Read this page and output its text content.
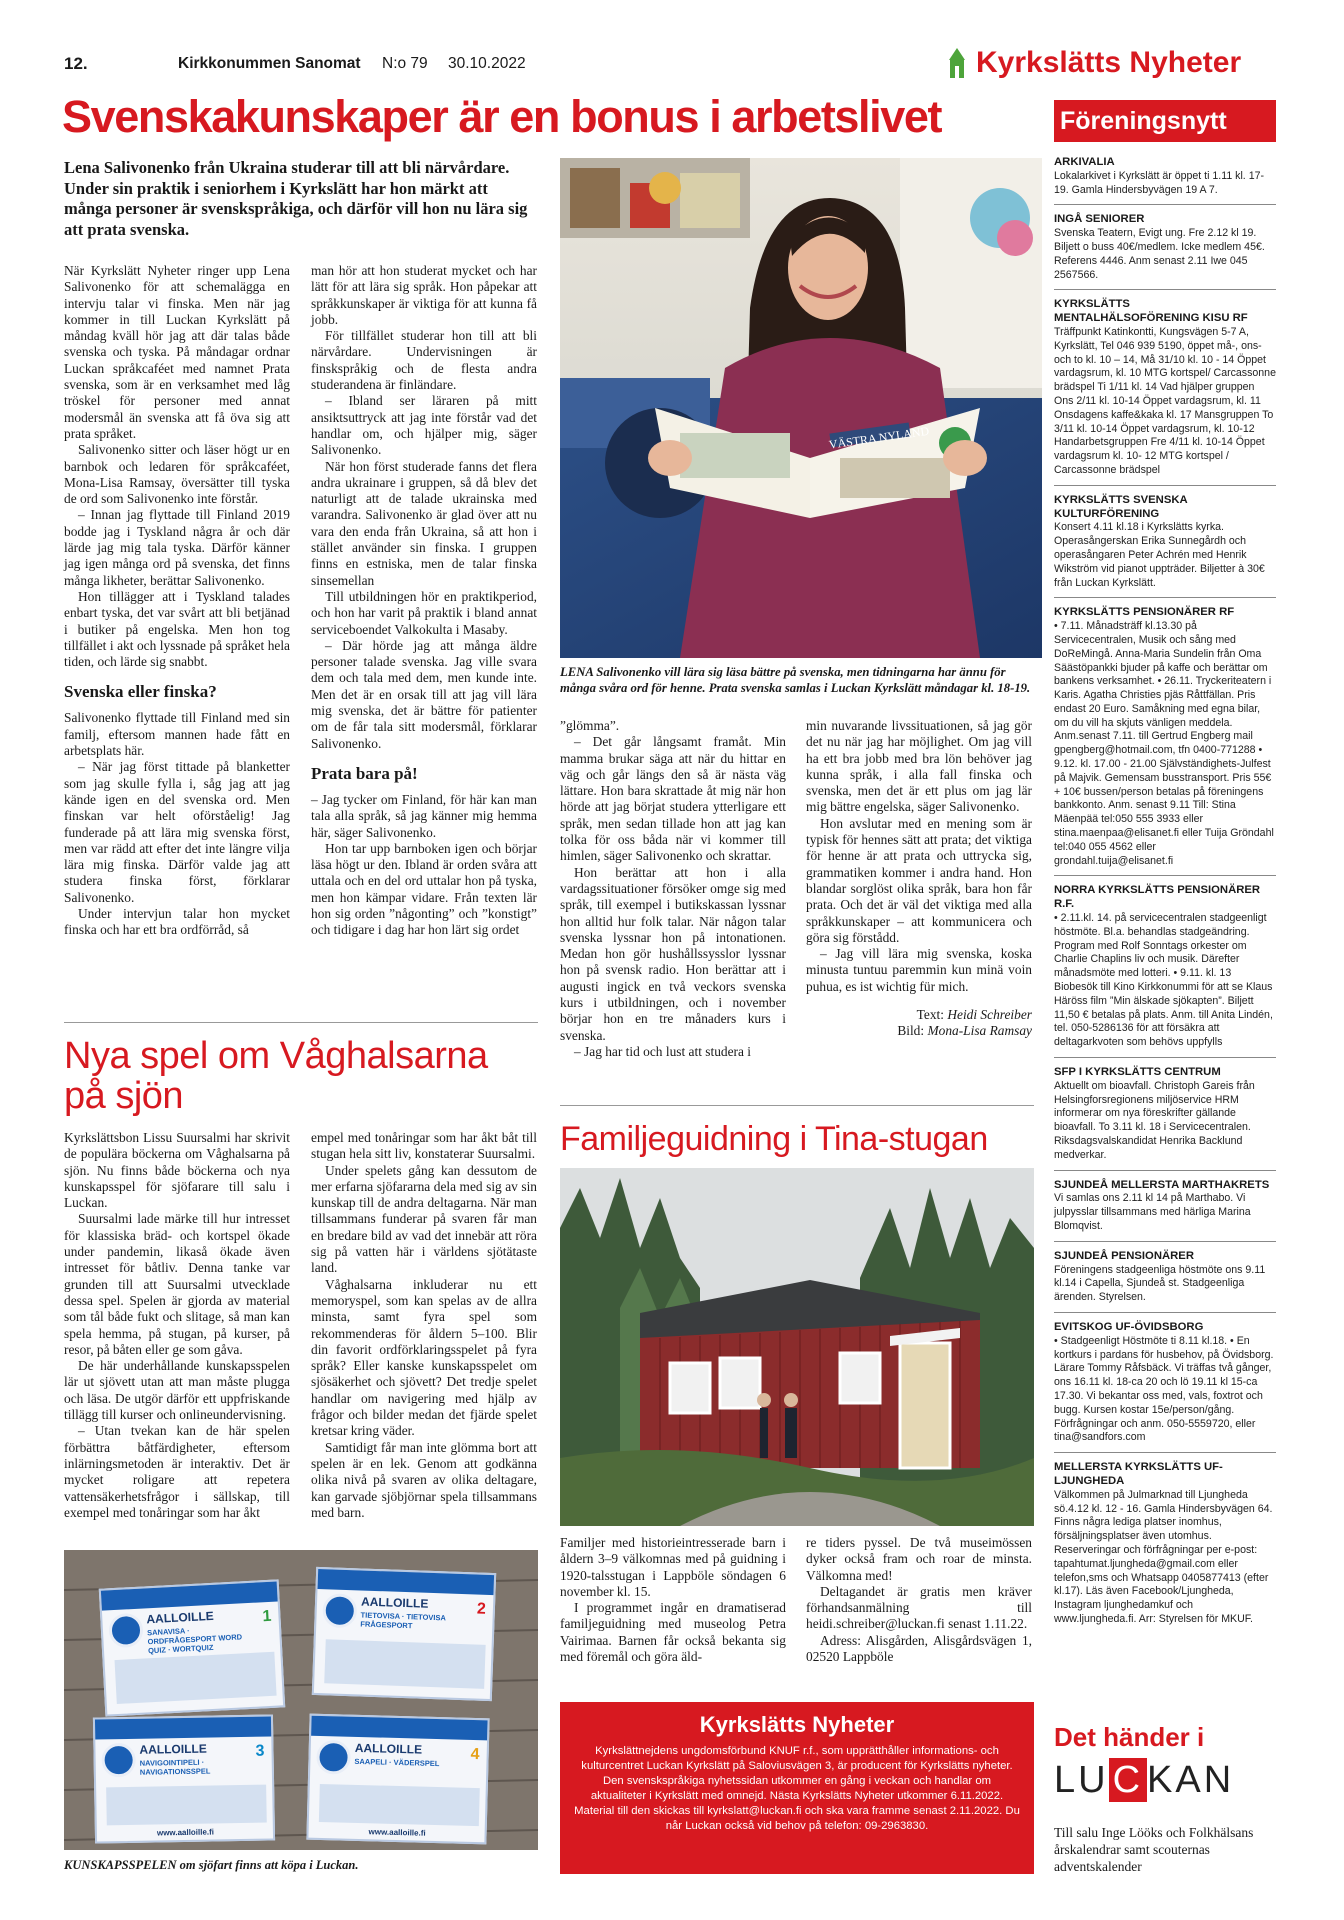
12.	Kirkkonummen Sanomat N:o 79 30.10.2022	Kyrkslätts Nyheter
Svenskakunskaper är en bonus i arbetslivet

Lena Salivonenko från Ukraina studerar till att bli närvårdare. Under sin praktik i seniorhem i Kyrkslätt har hon märkt att många personer är svenskspråkiga, och därför vill hon nu lära sig att prata svenska.

När Kyrkslätt Nyheter ringer upp Lena Salivonenko för att schemalägga en intervju talar vi finska. Men när jag kommer in till Luckan Kyrkslätt på måndag kväll hör jag att där talas både svenska och tyska. På måndagar ordnar Luckan språkcaféet med namnet Prata svenska, som är en verksamhet med låg tröskel för personer med annat modersmål än svenska att få öva sig att prata språket.

Salivonenko sitter och läser högt ur en barnbok och ledaren för språkcaféet, Mona-Lisa Ramsay, översätter till tyska de ord som Salivonenko inte förstår.

– Innan jag flyttade till Finland 2019 bodde jag i Tyskland några år och där lärde jag mig tala tyska. Därför känner jag igen många ord på svenska, det finns många likheter, berättar Salivonenko.

Hon tillägger att i Tyskland talades enbart tyska, det var svårt att bli betjänad i butiker på engelska. Men hon tog tillfället i akt och lyssnade på språket hela tiden, och lärde sig snabbt.

Svenska eller finska?

Salivonenko flyttade till Finland med sin familj, eftersom mannen hade fått en arbetsplats här.

– När jag först tittade på blanketter som jag skulle fylla i, såg jag att jag kände igen en del svenska ord. Men finskan var helt oförståelig! Jag funderade på att lära mig svenska först, men var rädd att efter det inte längre vilja lära mig finska. Därför valde jag att studera finska först, förklarar Salivonenko.

Under intervjun talar hon mycket finska och har ett bra ordförråd, så

man hör att hon studerat mycket och har lätt för att lära sig språk. Hon påpekar att språkkunskaper är viktiga för att kunna få jobb.

För tillfället studerar hon till att bli närvårdare. Undervisningen är finskspråkig och de flesta andra studerandena är finländare.

– Ibland ser läraren på mitt ansiktsuttryck att jag inte förstår vad det handlar om, och hjälper mig, säger Salivonenko.

När hon först studerade fanns det flera andra ukrainare i gruppen, så då blev det naturligt att de talade ukrainska med varandra. Salivonenko är glad över att nu vara den enda från Ukraina, så att hon i stället använder sin finska. I gruppen finns en estniska, men de talar finska sinsemellan

Till utbildningen hör en praktikperiod, och hon har varit på praktik i bland annat serviceboendet Valkokulta i Masaby.

– Där hörde jag att många äldre personer talade svenska. Jag ville svara dem och tala med dem, men kunde inte. Men det är en orsak till att jag vill lära mig svenska, det är bättre för patienter om de får tala sitt modersmål, förklarar Salivonenko.

Prata bara på!

– Jag tycker om Finland, för här kan man tala alla språk, så jag känner mig hemma här, säger Salivonenko.

Hon tar upp barnboken igen och börjar läsa högt ur den. Ibland är orden svåra att uttala och en del ord uttalar hon på tyska, men hon kämpar vidare. Från texten lär hon sig orden ”någonting” och ”konstigt” och tidigare i dag har hon lärt sig ordet

VÄSTRA NYLAND

LENA Salivonenko vill lära sig läsa bättre på svenska, men tidningarna har ännu för många svåra ord för henne. Prata svenska samlas i Luckan Kyrkslätt måndagar kl. 18-19.

”glömma”.

– Det går långsamt framåt. Min mamma brukar säga att när du hittar en väg och går längs den så är nästa väg lättare. Hon bara skrattade åt mig när hon hörde att jag börjat studera ytterligare ett språk, men sedan tillade hon att jag kan tolka för oss båda när vi kommer till himlen, säger Salivonenko och skrattar.

Hon berättar att hon i alla vardagssituationer försöker omge sig med språk, till exempel i butikskassan lyssnar hon alltid hur folk talar. När någon talar svenska lyssnar hon på intonationen. Medan hon gör hushållssysslor lyssnar hon på svensk radio. Hon berättar att i augusti ingick en två veckors svenska kurs i utbildningen, och i november börjar hon en tre månaders kurs i svenska.

– Jag har tid och lust att studera i

min nuvarande livssituationen, så jag gör det nu när jag har möjlighet. Om jag vill ha ett bra jobb med bra lön behöver jag kunna språk, i alla fall finska och svenska, men det är ett plus om jag lär mig bättre engelska, säger Salivonenko.

Hon avslutar med en mening som är typisk för hennes sätt att prata; det viktiga för henne är att prata och uttrycka sig, grammatiken kommer i andra hand. Hon blandar sorglöst olika språk, bara hon får prata. Och det är väl det viktiga med alla språkkunskaper – att kommunicera och göra sig förstådd.

– Jag vill lära mig svenska, koska minusta tuntuu paremmin kun minä voin puhua, es ist wichtig für mich.

Text: Heidi Schreiber

Bild: Mona-Lisa Ramsay

Nya spel om Våghalsarna på sjön

Kyrkslättsbon Lissu Suursalmi har skrivit de populära böckerna om Våghalsarna på sjön. Nu finns både böckerna och nya kunskapsspel för sjöfarare till salu i Luckan.

Suursalmi lade märke till hur intresset för klassiska bräd- och kortspel ökade under pandemin, likaså ökade även intresset för båtliv. Denna tanke var grunden till att Suursalmi utvecklade dessa spel. Spelen är gjorda av material som tål både fukt och slitage, så man kan spela hemma, på stugan, på kurser, på resor, på båten eller ge som gåva.

De här underhållande kunskapsspelen lär ut sjövett utan att man måste plugga och läsa. De utgör därför ett uppfriskande tillägg till kurser och onlineundervisning.

– Utan tvekan kan de här spelen förbättra båtfärdigheter, eftersom inlärningsmetoden är interaktiv. Det är mycket roligare att repetera vattensäkerhetsfrågor i sällskap, till exempel med tonåringar som har åkt

empel med tonåringar som har åkt båt till stugan hela sitt liv, konstaterar Suursalmi.

Under spelets gång kan dessutom de mer erfarna sjöfararna dela med sig av sin kunskap till de andra deltagarna. När man tillsammans funderar på svaren får man en bredare bild av vad det innebär att röra sig på vatten här i världens sjötätaste land.

Våghalsarna inkluderar nu ett memoryspel, som kan spelas av de allra minsta, samt fyra spel som rekommenderas för åldern 5–100. Blir din favorit ordförklaringsspelet på fyra språk? Eller kanske kunskapsspelet om sjösäkerhet och sjövett? Det tredje spelet handlar om navigering med hjälp av frågor och bilder medan det fjärde spelet kretsar kring väder.

Samtidigt får man inte glömma bort att spelen är en lek. Genom att godkänna olika nivå på svaren av olika deltagare, kan garvade sjöbjörnar spela tillsammans med barn.

AALLOILLE
SANAVISA · ORDFRÅGESPORT WORD QUIZ · WORTQUIZ
1
AALLOILLE
TIETOVISA · TIETOVISA FRÅGESPORT
2
AALLOILLE
NAVIGOINTIPELI · NAVIGATIONSSPEL
3
www.aalloille.fi
AALLOILLE
SAAPELI · VÄDERSPEL	4
www.aalloille.fi

KUNSKAPSSPELEN om sjöfart finns att köpa i Luckan.

Familjeguidning i Tina-stugan

Familjer med historieintresserade barn i åldern 3–9 välkomnas med på guidning i 1920-talsstugan i Lappböle söndagen 6 november kl. 15.

I programmet ingår en dramatiserad familjeguidning med museolog Petra Vairimaa. Barnen får också bekanta sig med föremål och göra äld-

re tiders pyssel. De två museimössen dyker också fram och roar de minsta. Välkomna med!

Deltagandet är gratis men kräver förhandsanmälning till heidi.schreiber@luckan.fi senast 1.11.22.

Adress: Alisgården, Alisgårdsvägen 1, 02520 Lappböle

Kyrkslätts Nyheter

Kyrkslättnejdens ungdomsförbund KNUF r.f., som upprätthåller informations- och kulturcentret Luckan Kyrkslätt på Saloviusvägen 3, är producent för Kyrkslätts nyheter. Den svenskspråkiga nyhetssidan utkommer en gång i veckan och handlar om aktualiteter i Kyrkslätt med omnejd. Nästa Kyrkslätts Nyheter utkommer 6.11.2022. Material till den skickas till kyrkslatt@luckan.fi och ska vara framme senast 2.11.2022. Du når Luckan också vid behov på telefon: 09-2963830.

Föreningsnytt
ARKIVALIA
Lokalarkivet i Kyrkslätt är öppet ti 1.11 kl. 17-19. Gamla Hindersbyvägen 19 A 7.
INGÅ SENIORER
Svenska Teatern, Evigt ung. Fre 2.12 kl 19. Biljett o buss 40€/medlem. Icke medlem 45€. Referens 4446. Anm senast 2.11 Iwe 045 2567566.
KYRKSLÄTTS MENTALHÄLSOFÖRENING KISU RF
Träffpunkt Katinkontti, Kungsvägen 5-7 A, Kyrkslätt, Tel 046 939 5190, öppet må-, ons- och to kl. 10 – 14, Må 31/10 kl. 10 - 14 Öppet vardagsrum, kl. 10 MTG kortspel/ Carcassonne brädspel Ti 1/11 kl. 14 Vad hjälper gruppen Ons 2/11 kl. 10-14 Öppet vardagsrum, kl. 11 Onsdagens kaffe&kaka kl. 17 Mansgruppen To 3/11 kl. 10-14 Öppet vardagsrum, kl. 10-12 Handarbetsgruppen Fre 4/11 kl. 10-14 Öppet vardagsrum kl. 10- 12 MTG kortspel / Carcassonne brädspel
KYRKSLÄTTS SVENSKA KULTURFÖRENING
Konsert 4.11 kl.18 i Kyrkslätts kyrka. Operasångerskan Erika Sunnegårdh och operasångaren Peter Achrén med Henrik Wikström vid pianot uppträder. Biljetter à 30€ från Luckan Kyrkslätt.
KYRKSLÄTTS PENSIONÄRER RF
• 7.11. Månadsträff kl.13.30 på Servicecentralen, Musik och sång med DoReMingå. Anna-Maria Sundelin från Oma Säästöpankki bjuder på kaffe och berättar om bankens verksamhet. • 26.11. Tryckeriteatern i Karis. Agatha Christies pjäs Råttfällan. Pris endast 20 Euro. Samåkning med egna bilar, om du vill ha skjuts vänligen meddela. Anm.senast 7.11. till Gertrud Engberg mail gpengberg@hotmail.com, tfn 0400-771288 • 9.12. kl. 17.00 - 21.00 Självständighets-Julfest på Majvik. Gemensam busstransport. Pris 55€ + 10€ bussen/person betalas på föreningens bankkonto. Anm. senast 9.11 Till: Stina Mäenpää tel:050 555 3933 eller stina.maenpaa@elisanet.fi eller Tuija Gröndahl tel:040 055 4562 eller grondahl.tuija@elisanet.fi
NORRA KYRKSLÄTTS PENSIONÄRER R.F.
• 2.11.kl. 14. på servicecentralen stadgeenligt höstmöte. Bl.a. behandlas stadgeändring. Program med Rolf Sonntags orkester om Charlie Chaplins liv och musik. Därefter månadsmöte med lotteri. • 9.11. kl. 13 Biobesök till Kino Kirkkonummi för att se Klaus Häröss film ”Min älskade sjökapten”. Biljett 11,50 € betalas på plats. Anm. till Anita Lindén, tel. 050-5286136 för att försäkra att deltagarkvoten som behövs uppfylls
SFP I KYRKSLÄTTS CENTRUM
Aktuellt om bioavfall. Christoph Gareis från Helsingforsregionens miljöservice HRM informerar om nya föreskrifter gällande bioavfall. To 3.11 kl. 18 i Servicecentralen. Riksdagsvalskandidat Henrika Backlund medverkar.
SJUNDEÅ MELLERSTA MARTHAKRETS
Vi samlas ons 2.11 kl 14 på Marthabo. Vi julpysslar tillsammans med härliga Marina Blomqvist.
SJUNDEÅ PENSIONÄRER
Föreningens stadgeenliga höstmöte ons 9.11 kl.14 i Capella, Sjundeå st. Stadgeenliga ärenden. Styrelsen.
EVITSKOG UF-ÖVIDSBORG
• Stadgeenligt Höstmöte ti 8.11 kl.18. • En kortkurs i pardans för husbehov, på Övidsborg. Lärare Tommy Råfsbäck. Vi träffas två gånger, ons 16.11 kl. 18-ca 20 och lö 19.11 kl 15-ca 17.30. Vi bekantar oss med, vals, foxtrot och bugg. Kursen kostar 15e/person/gång. Förfrågningar och anm. 050-5559720, eller tina@sandfors.com
MELLERSTA KYRKSLÄTTS UF- LJUNGHEDA
Välkommen på Julmarknad till Ljungheda sö.4.12 kl. 12 - 16. Gamla Hindersbyvägen 64. Finns några lediga platser inomhus, försäljningsplatser även utomhus. Reserveringar och förfrågningar per e-post: tapahtumat.ljungheda@gmail.com eller telefon,sms och Whatsapp 0405877413 (efter kl.17). Läs även Facebook/Ljungheda, Instagram ljungheda​mkuf och www.ljungheda.fi. Arr: Styrelsen för MKUF.
Det händer i
LU C KAN

Till salu Inge Lööks och Folkhälsans årskalendrar samt scouternas adventskalender
